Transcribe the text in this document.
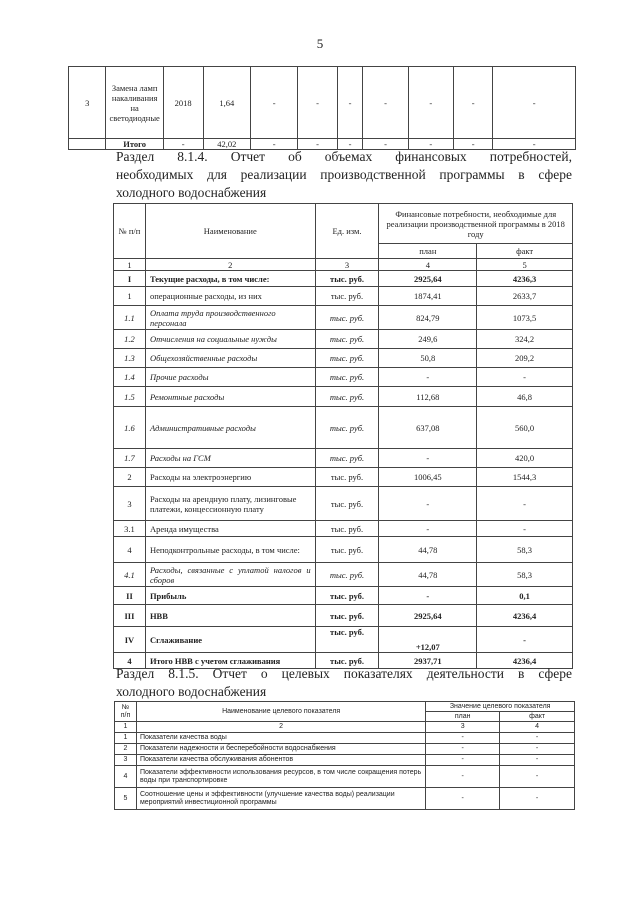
5
3	Замена ламп накаливания на светодиодные	2018	1,64	-	-	-	-	-	-	-
	Итого	-	42,02	-	-	-	-	-	-	-
Раздел 8.1.4. Отчет об объемах финансовых потребностей,
необходимых для реализации производственной программы в сфере
холодного водоснабжения
№ п/п	Наименование	Ед. изм.	Финансовые потребности, необходимые для реализации производственной программы в 2018 году	
			план	факт
1	2	3	4	5
I	Текущие расходы, в том числе:	тыс. руб.	2925,64	4236,3
1	операционные расходы, из них	тыс. руб.	1874,41	2633,7
1.1	Оплата труда производственного персонала	тыс. руб.	824,79	1073,5
1.2	Отчисления на социальные нужды	тыс. руб.	249,6	324,2
1.3	Общехозяйственные расходы	тыс. руб.	50,8	209,2
1.4	Прочие расходы	тыс. руб.	-	-
1.5	Ремонтные расходы	тыс. руб.	112,68	46,8
1.6	Административные расходы	тыс. руб.	637,08	560,0
1.7	Расходы на ГСМ	тыс. руб.	-	420,0
2	Расходы на электроэнергию	тыс. руб.	1006,45	1544,3
3	Расходы на арендную плату, лизинговые платежи, концессионную плату	тыс. руб.	-	-
3.1	Аренда имущества	тыс. руб.	-	-
4	Неподконтрольные расходы, в том числе:	тыс. руб.	44,78	58,3
4.1	Расходы, связанные с уплатой налогов и сборов	тыс. руб.	44,78	58,3
II	Прибыль	тыс. руб.	-	0,1
III	НВВ	тыс. руб.	2925,64	4236,4
IV	Сглаживание	тыс. руб.	+12,07	-
4	Итого НВВ с учетом сглаживания	тыс. руб.	2937,71	4236,4
Раздел 8.1.5. Отчет о целевых показателях деятельности в сфере
холодного водоснабжения
№ п/п	Наименование целевого показателя	Значение целевого показателя	
		план	факт
1	2	3	4
1	Показатели качества воды	-	-
2	Показатели надежности и бесперебойности водоснабжения	-	-
3	Показатели качества обслуживания абонентов	-	-
4	Показатели эффективности использования ресурсов, в том числе сокращения потерь воды при транспортировке	-	-
5	Соотношение цены и эффективности (улучшение качества воды) реализации мероприятий инвестиционной программы	-	-
